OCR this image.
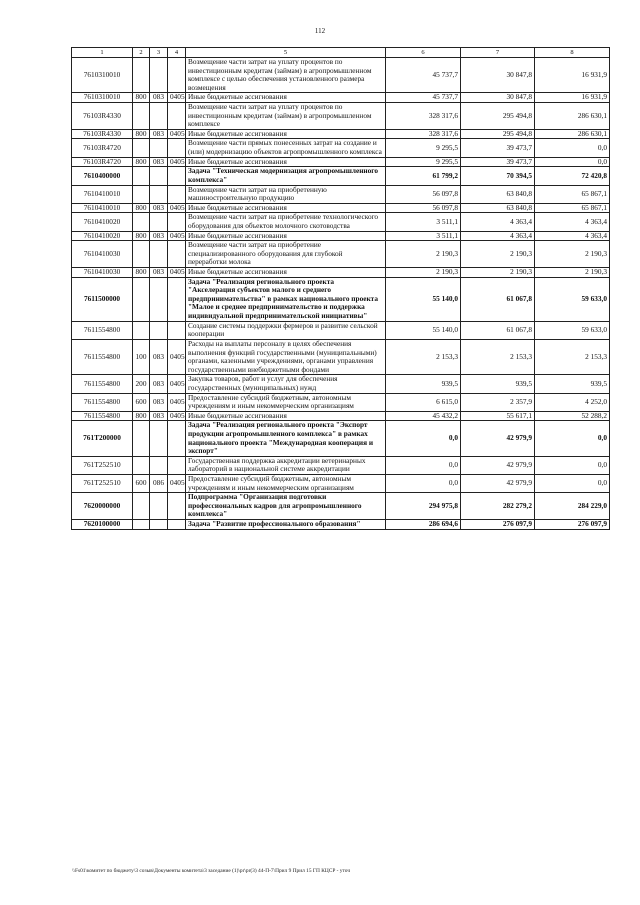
112
1	2	3	4	5	6	7	8
7610310010				Возмещение части затрат на уплату процентов по инвестиционным кредитам (займам) в агропромышленном комплексе с целью обеспечения установленного размера возмещения	45 737,7	30 847,8	16 931,9
7610310010	800	083	0405	Иные бюджетные ассигнования	45 737,7	30 847,8	16 931,9
76103R4330				Возмещение части затрат на уплату процентов по инвестиционным кредитам (займам) в агропромышленном комплексе	328 317,6	295 494,8	286 630,1
76103R4330	800	083	0405	Иные бюджетные ассигнования	328 317,6	295 494,8	286 630,1
76103R4720				Возмещение части прямых понесенных затрат на создание и (или) модернизацию объектов агропромышленного комплекса	9 295,5	39 473,7	0,0
76103R4720	800	083	0405	Иные бюджетные ассигнования	9 295,5	39 473,7	0,0
7610400000				Задача "Техническая модернизация агропромышленного комплекса"	61 799,2	70 394,5	72 420,8
7610410010				Возмещение части затрат на приобретенную машиностроительную продукцию	56 097,8	63 840,8	65 867,1
7610410010	800	083	0405	Иные бюджетные ассигнования	56 097,8	63 840,8	65 867,1
7610410020				Возмещение части затрат на приобретение технологического оборудования для объектов молочного скотоводства	3 511,1	4 363,4	4 363,4
7610410020	800	083	0405	Иные бюджетные ассигнования	3 511,1	4 363,4	4 363,4
7610410030				Возмещение части затрат на приобретение специализированного оборудования для глубокой переработки молока	2 190,3	2 190,3	2 190,3
7610410030	800	083	0405	Иные бюджетные ассигнования	2 190,3	2 190,3	2 190,3
7611500000				Задача "Реализация регионального проекта "Акселерация субъектов малого и среднего предпринимательства" в рамках национального проекта "Малое и среднее предпринимательство и поддержка индивидуальной предпринимательской инициативы"	55 140,0	61 067,8	59 633,0
7611554800				Создание системы поддержки фермеров и развитие сельской кооперации	55 140,0	61 067,8	59 633,0
7611554800	100	083	0405	Расходы на выплаты персоналу в целях обеспечения выполнения функций государственными (муниципальными) органами, казенными учреждениями, органами управления государственными внебюджетными фондами	2 153,3	2 153,3	2 153,3
7611554800	200	083	0405	Закупка товаров, работ и услуг для обеспечения государственных (муниципальных) нужд	939,5	939,5	939,5
7611554800	600	083	0405	Предоставление субсидий бюджетным, автономным учреждениям и иным некоммерческим организациям	6 615,0	2 357,9	4 252,0
7611554800	800	083	0405	Иные бюджетные ассигнования	45 432,2	55 617,1	52 288,2
761T200000				Задача "Реализация регионального проекта "Экспорт продукции агропромышленного комплекса" в рамках национального проекта "Международная кооперация и экспорт"	0,0	42 979,9	0,0
761T252510				Государственная поддержка аккредитации ветеринарных лабораторий в национальной системе аккредитации	0,0	42 979,9	0,0
761T252510	600	086	0405	Предоставление субсидий бюджетным, автономным учреждениям и иным некоммерческим организациям	0,0	42 979,9	0,0
7620000000				Подпрограмма "Организация подготовки профессиональных кадров для агропромышленного комплекса"	294 975,8	282 279,2	284 229,0
7620100000				Задача "Развитие профессионального образования"	286 694,6	276 097,9	276 097,9
\\Fs01\комитет по бюджету\3 созыв\Документы комитета\3 заседание (1)\pr\pr(3) 44-П-7\Прил 9 Прил 15 ГП КЦСР - уточ
